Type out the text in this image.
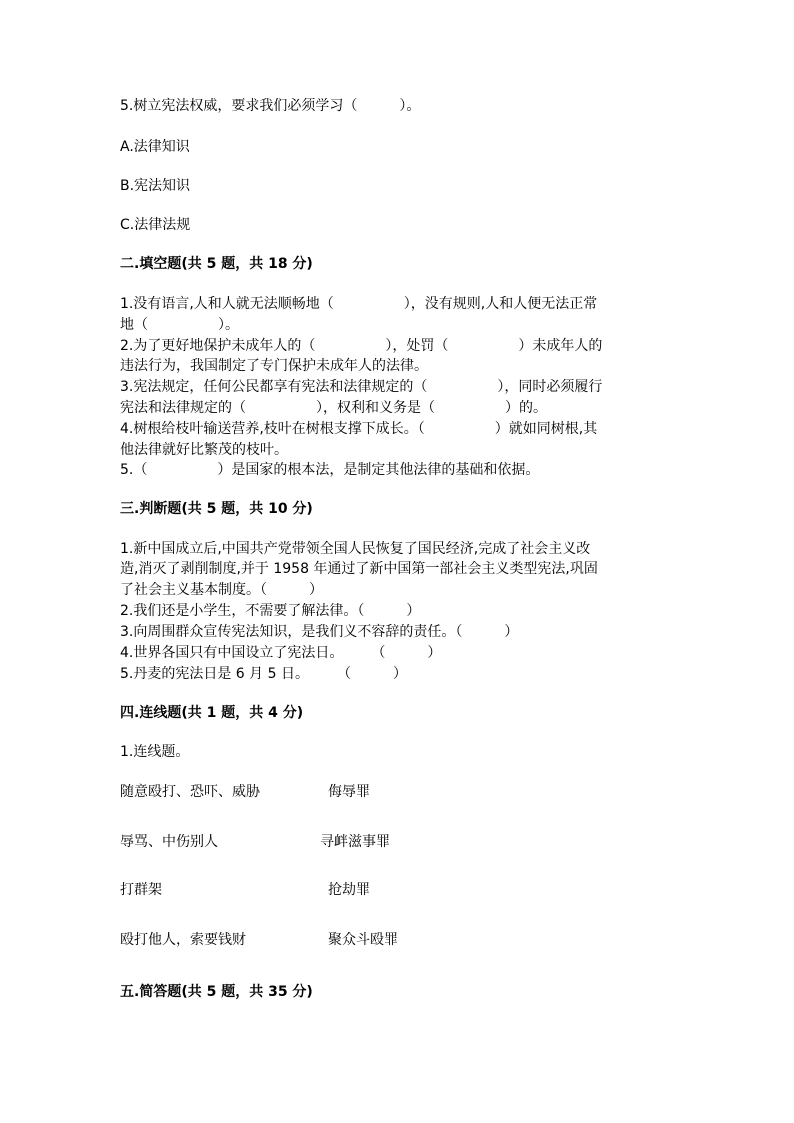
5.树立宪法权威，要求我们必须学习（　　　）。
A.法律知识
B.宪法知识
C.法律法规
二.填空题(共 5 题，共 18 分)
1.没有语言,人和人就无法顺畅地（　　　　　），没有规则,人和人便无法正常
地（　　　　　）。
2.为了更好地保护未成年人的（　　　　　），处罚（　　　　　）未成年人的
违法行为，我国制定了专门保护未成年人的法律。
3.宪法规定，任何公民都享有宪法和法律规定的（　　　　　），同时必须履行
宪法和法律规定的（　　　　　），权利和义务是（　　　　　）的。
4.树根给枝叶输送营养,枝叶在树根支撑下成长。（　　　　　）就如同树根,其
他法律就好比繁茂的枝叶。
5.（　　　　　）是国家的根本法，是制定其他法律的基础和依据。
三.判断题(共 5 题，共 10 分)
1.新中国成立后,中国共产党带领全国人民恢复了国民经济,完成了社会主义改
造,消灭了剥削制度,并于 1958 年通过了新中国第一部社会主义类型宪法,巩固
了社会主义基本制度。（　　　）
2.我们还是小学生，不需要了解法律。（　　　）
3.向周围群众宣传宪法知识，是我们义不容辞的责任。（　　　）
4.世界各国只有中国设立了宪法日。　　　（　　　）
5.丹麦的宪法日是 6 月 5 日。　　　（　　　）
四.连线题(共 1 题，共 4 分)
1.连线题。
随意殴打、恐吓、威胁	侮辱罪
辱骂、中伤别人	寻衅滋事罪
打群架	抢劫罪
殴打他人，索要钱财	聚众斗殴罪
五.简答题(共 5 题，共 35 分)
